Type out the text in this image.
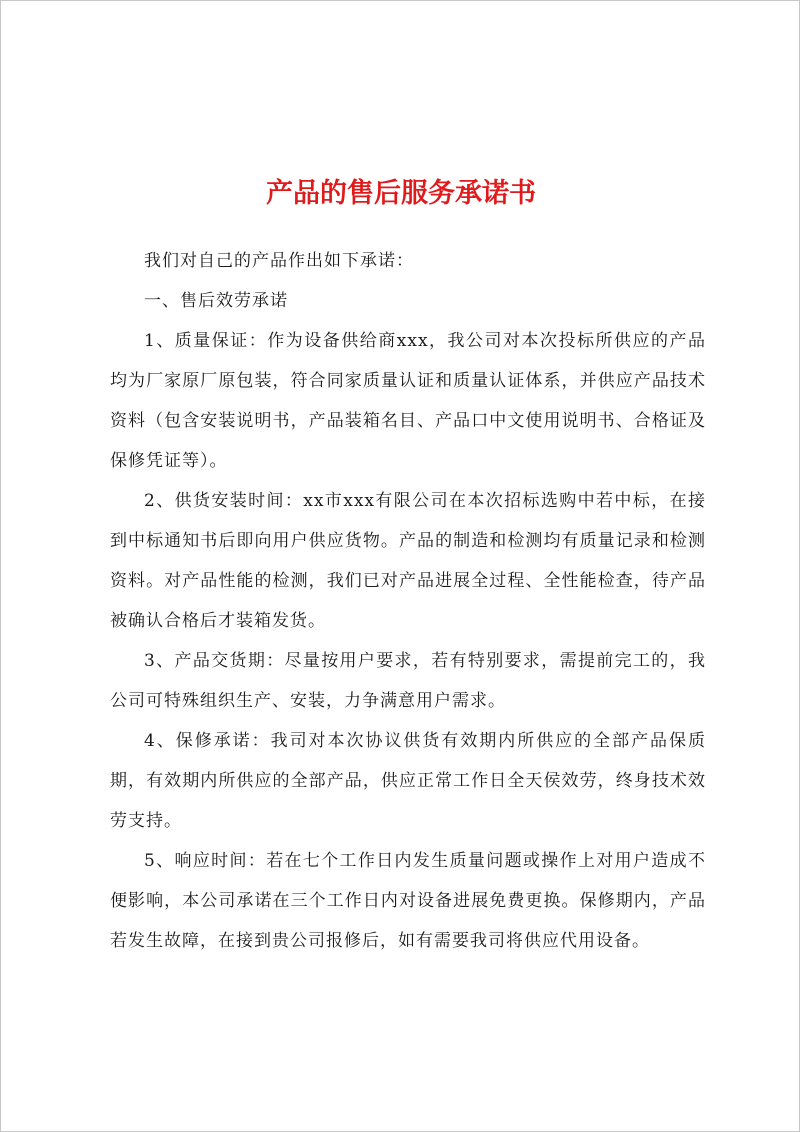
产品的售后服务承诺书

我们对自己的产品作出如下承诺：

一、售后效劳承诺

1、质量保证：作为设备供给商xxx，我公司对本次投标所供应的产品均为厂家原厂原包装，符合同家质量认证和质量认证体系，并供应产品技术资料（包含安装说明书，产品装箱名目、产品口中文使用说明书、合格证及保修凭证等）。

2、供货安装时间：xx市xxx有限公司在本次招标选购中若中标，在接到中标通知书后即向用户供应货物。产品的制造和检测均有质量记录和检测资料。对产品性能的检测，我们已对产品进展全过程、全性能检查，待产品被确认合格后才装箱发货。

3、产品交货期：尽量按用户要求，若有特别要求，需提前完工的，我公司可特殊组织生产、安装，力争满意用户需求。

4、保修承诺：我司对本次协议供货有效期内所供应的全部产品保质期，有效期内所供应的全部产品，供应正常工作日全天侯效劳，终身技术效劳支持。

5、响应时间：若在七个工作日内发生质量问题或操作上对用户造成不便影响，本公司承诺在三个工作日内对设备进展免费更换。保修期内，产品若发生故障，在接到贵公司报修后，如有需要我司将供应代用设备。
